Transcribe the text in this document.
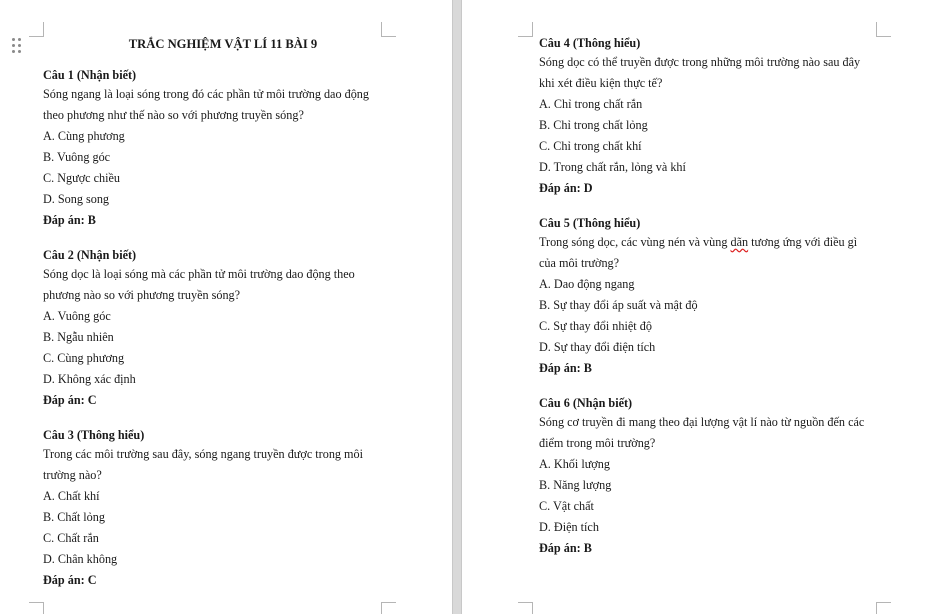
TRẮC NGHIỆM VẬT LÍ 11 BÀI 9
Câu 1 (Nhận biết)
Sóng ngang là loại sóng trong đó các phần tử môi trường dao động
theo phương như thế nào so với phương truyền sóng?
A. Cùng phương
B. Vuông góc
C. Ngược chiều
D. Song song
Đáp án: B
Câu 2 (Nhận biết)
Sóng dọc là loại sóng mà các phần tử môi trường dao động theo
phương nào so với phương truyền sóng?
A. Vuông góc
B. Ngẫu nhiên
C. Cùng phương
D. Không xác định
Đáp án: C
Câu 3 (Thông hiểu)
Trong các môi trường sau đây, sóng ngang truyền được trong môi
trường nào?
A. Chất khí
B. Chất lỏng
C. Chất rắn
D. Chân không
Đáp án: C
Câu 4 (Thông hiểu)
Sóng dọc có thể truyền được trong những môi trường nào sau đây
khi xét điều kiện thực tế?
A. Chỉ trong chất rắn
B. Chỉ trong chất lỏng
C. Chỉ trong chất khí
D. Trong chất rắn, lỏng và khí
Đáp án: D
Câu 5 (Thông hiểu)
Trong sóng dọc, các vùng nén và vùng dãn tương ứng với điều gì
của môi trường?
A. Dao động ngang
B. Sự thay đổi áp suất và mật độ
C. Sự thay đổi nhiệt độ
D. Sự thay đổi điện tích
Đáp án: B
Câu 6 (Nhận biết)
Sóng cơ truyền đi mang theo đại lượng vật lí nào từ nguồn đến các
điểm trong môi trường?
A. Khối lượng
B. Năng lượng
C. Vật chất
D. Điện tích
Đáp án: B
